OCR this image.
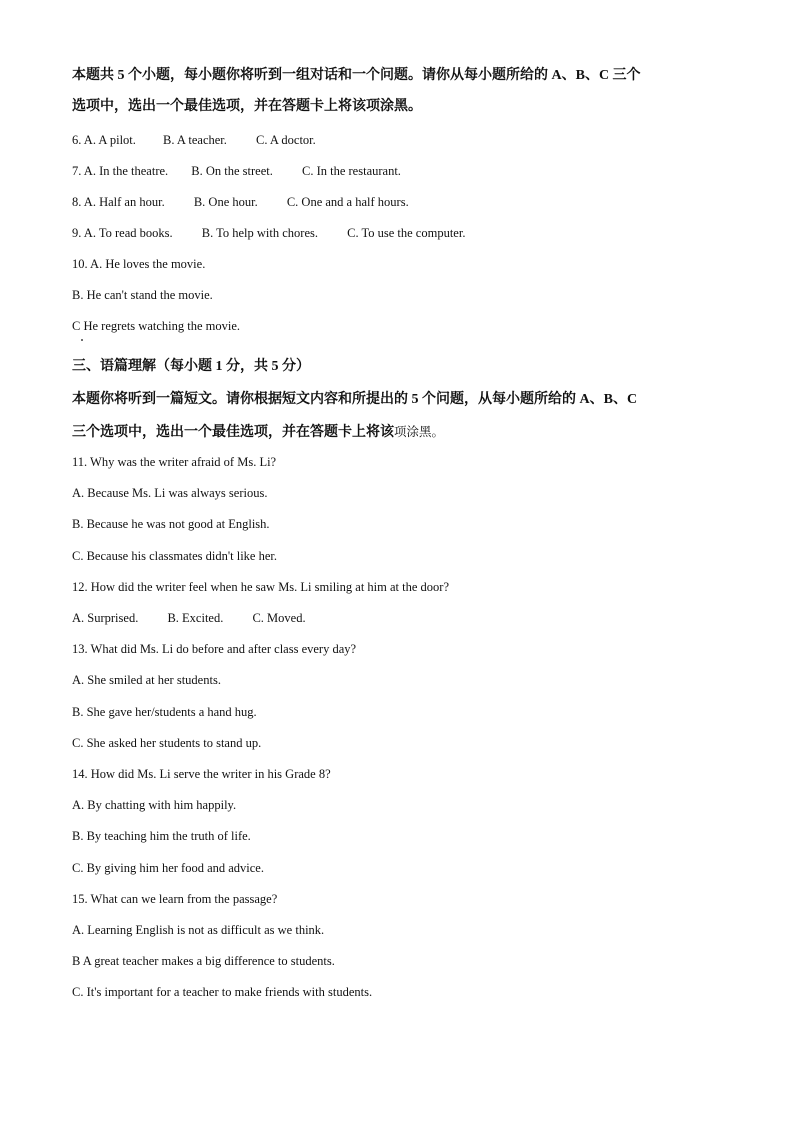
本题共 5 个小题，每小题你将听到一组对话和一个问题。请你从每小题所给的 A、B、C 三个
选项中，选出一个最佳选项，并在答题卡上将该项涂黑。
6. A. A pilot. B. A teacher. C. A doctor.
7. A. In the theatre. B. On the street. C. In the restaurant.
8. A. Half an hour. B. One hour. C. One and a half hours.
9. A. To read books. B. To help with chores. C. To use the computer.
10. A. He loves the movie.
B. He can't stand the movie.
C He regrets watching the movie.
三、语篇理解（每小题 1 分，共 5 分）
本题你将听到一篇短文。请你根据短文内容和所提出的 5 个问题，从每小题所给的 A、B、C
三个选项中，选出一个最佳选项，并在答题卡上将该项涂黑。
11. Why was the writer afraid of Ms. Li?
A. Because Ms. Li was always serious.
B. Because he was not good at English.
C. Because his classmates didn't like her.
12. How did the writer feel when he saw Ms. Li smiling at him at the door?
A. Surprised. B. Excited. C. Moved.
13. What did Ms. Li do before and after class every day?
A. She smiled at her students.
B. She gave her/students a hand hug.
C. She asked her students to stand up.
14. How did Ms. Li serve the writer in his Grade 8?
A. By chatting with him happily.
B. By teaching him the truth of life.
C. By giving him her food and advice.
15. What can we learn from the passage?
A. Learning English is not as difficult as we think.
B A great teacher makes a big difference to students.
C. It's important for a teacher to make friends with students.
